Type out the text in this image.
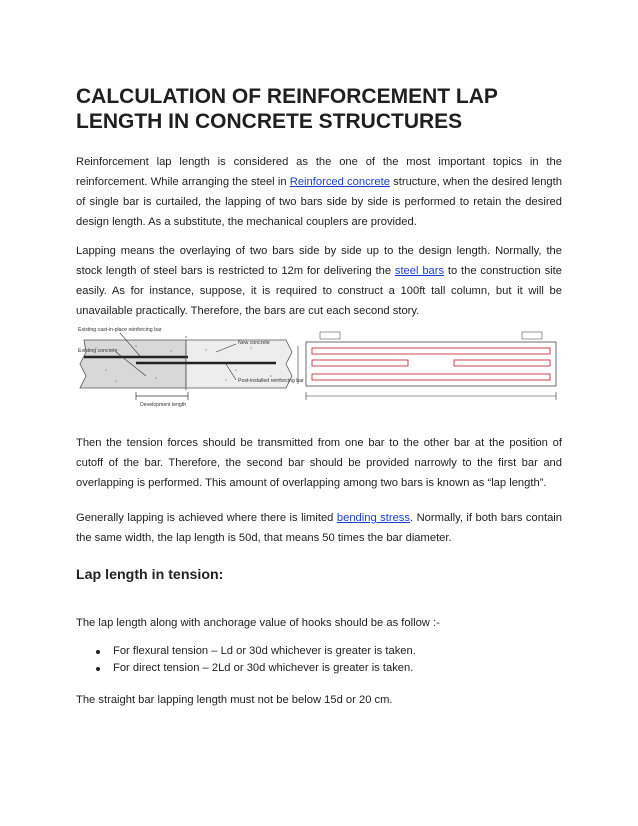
CALCULATION OF REINFORCEMENT LAP LENGTH IN CONCRETE STRUCTURES

Reinforcement lap length is considered as the one of the most important topics in the reinforcement. While arranging the steel in Reinforced concrete structure, when the desired length of single bar is curtailed, the lapping of two bars side by side is performed to retain the desired design length. As a substitute, the mechanical couplers are provided.

Lapping means the overlaying of two bars side by side up to the design length. Normally, the stock length of steel bars is restricted to 12m for delivering the steel bars to the construction site easily. As for instance, suppose, it is required to construct a 100ft tall column, but it will be unavailable practically. Therefore, the bars are cut each second story.

Existing cast-in-place reinforcing bar
Existing concrete
New concrete
Post-installed reinforcing bar
Development length

Then the tension forces should be transmitted from one bar to the other bar at the position of cutoff of the bar. Therefore, the second bar should be provided narrowly to the first bar and overlapping is performed. This amount of overlapping among two bars is known as “lap length”.

Generally lapping is achieved where there is limited bending stress. Normally, if both bars contain the same width, the lap length is 50d, that means 50 times the bar diameter.

Lap length in tension:

The lap length along with anchorage value of hooks should be as follow :-

For flexural tension – Ld or 30d whichever is greater is taken.
For direct tension – 2Ld or 30d whichever is greater is taken.

The straight bar lapping length must not be below 15d or 20 cm.
